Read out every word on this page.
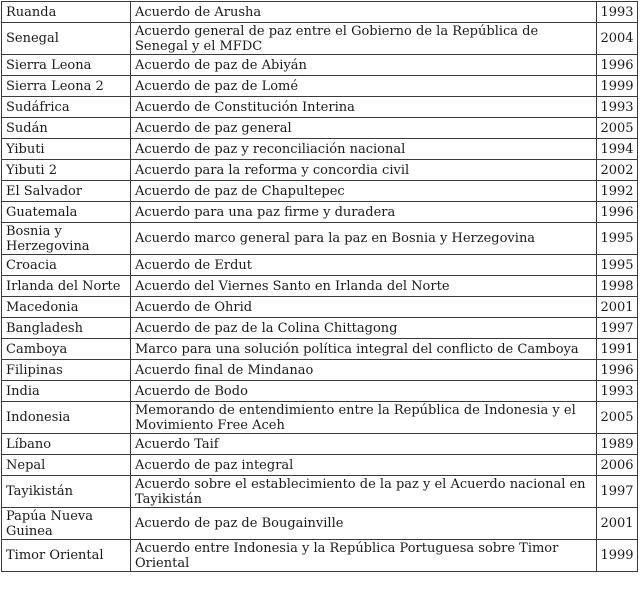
Ruanda	Acuerdo de Arusha	1993
Senegal	Acuerdo general de paz entre el Gobierno de la República de Senegal y el MFDC	2004
Sierra Leona	Acuerdo de paz de Abiyán	1996
Sierra Leona 2	Acuerdo de paz de Lomé	1999
Sudáfrica	Acuerdo de Constitución Interina	1993
Sudán	Acuerdo de paz general	2005
Yibuti	Acuerdo de paz y reconciliación nacional	1994
Yibuti 2	Acuerdo para la reforma y concordia civil	2002
El Salvador	Acuerdo de paz de Chapultepec	1992
Guatemala	Acuerdo para una paz firme y duradera	1996
Bosnia y Herzegovina	Acuerdo marco general para la paz en Bosnia y Herzegovina	1995
Croacia	Acuerdo de Erdut	1995
Irlanda del Norte	Acuerdo del Viernes Santo en Irlanda del Norte	1998
Macedonia	Acuerdo de Ohrid	2001
Bangladesh	Acuerdo de paz de la Colina Chittagong	1997
Camboya	Marco para una solución política integral del conflicto de Camboya	1991
Filipinas	Acuerdo final de Mindanao	1996
India	Acuerdo de Bodo	1993
Indonesia	Memorando de entendimiento entre la República de Indonesia y el Movimiento Free Aceh	2005
Líbano	Acuerdo Taif	1989
Nepal	Acuerdo de paz integral	2006
Tayikistán	Acuerdo sobre el establecimiento de la paz y el Acuerdo nacional en Tayikistán	1997
Papúa Nueva Guinea	Acuerdo de paz de Bougainville	2001
Timor Oriental	Acuerdo entre Indonesia y la República Portuguesa sobre Timor Oriental	1999
